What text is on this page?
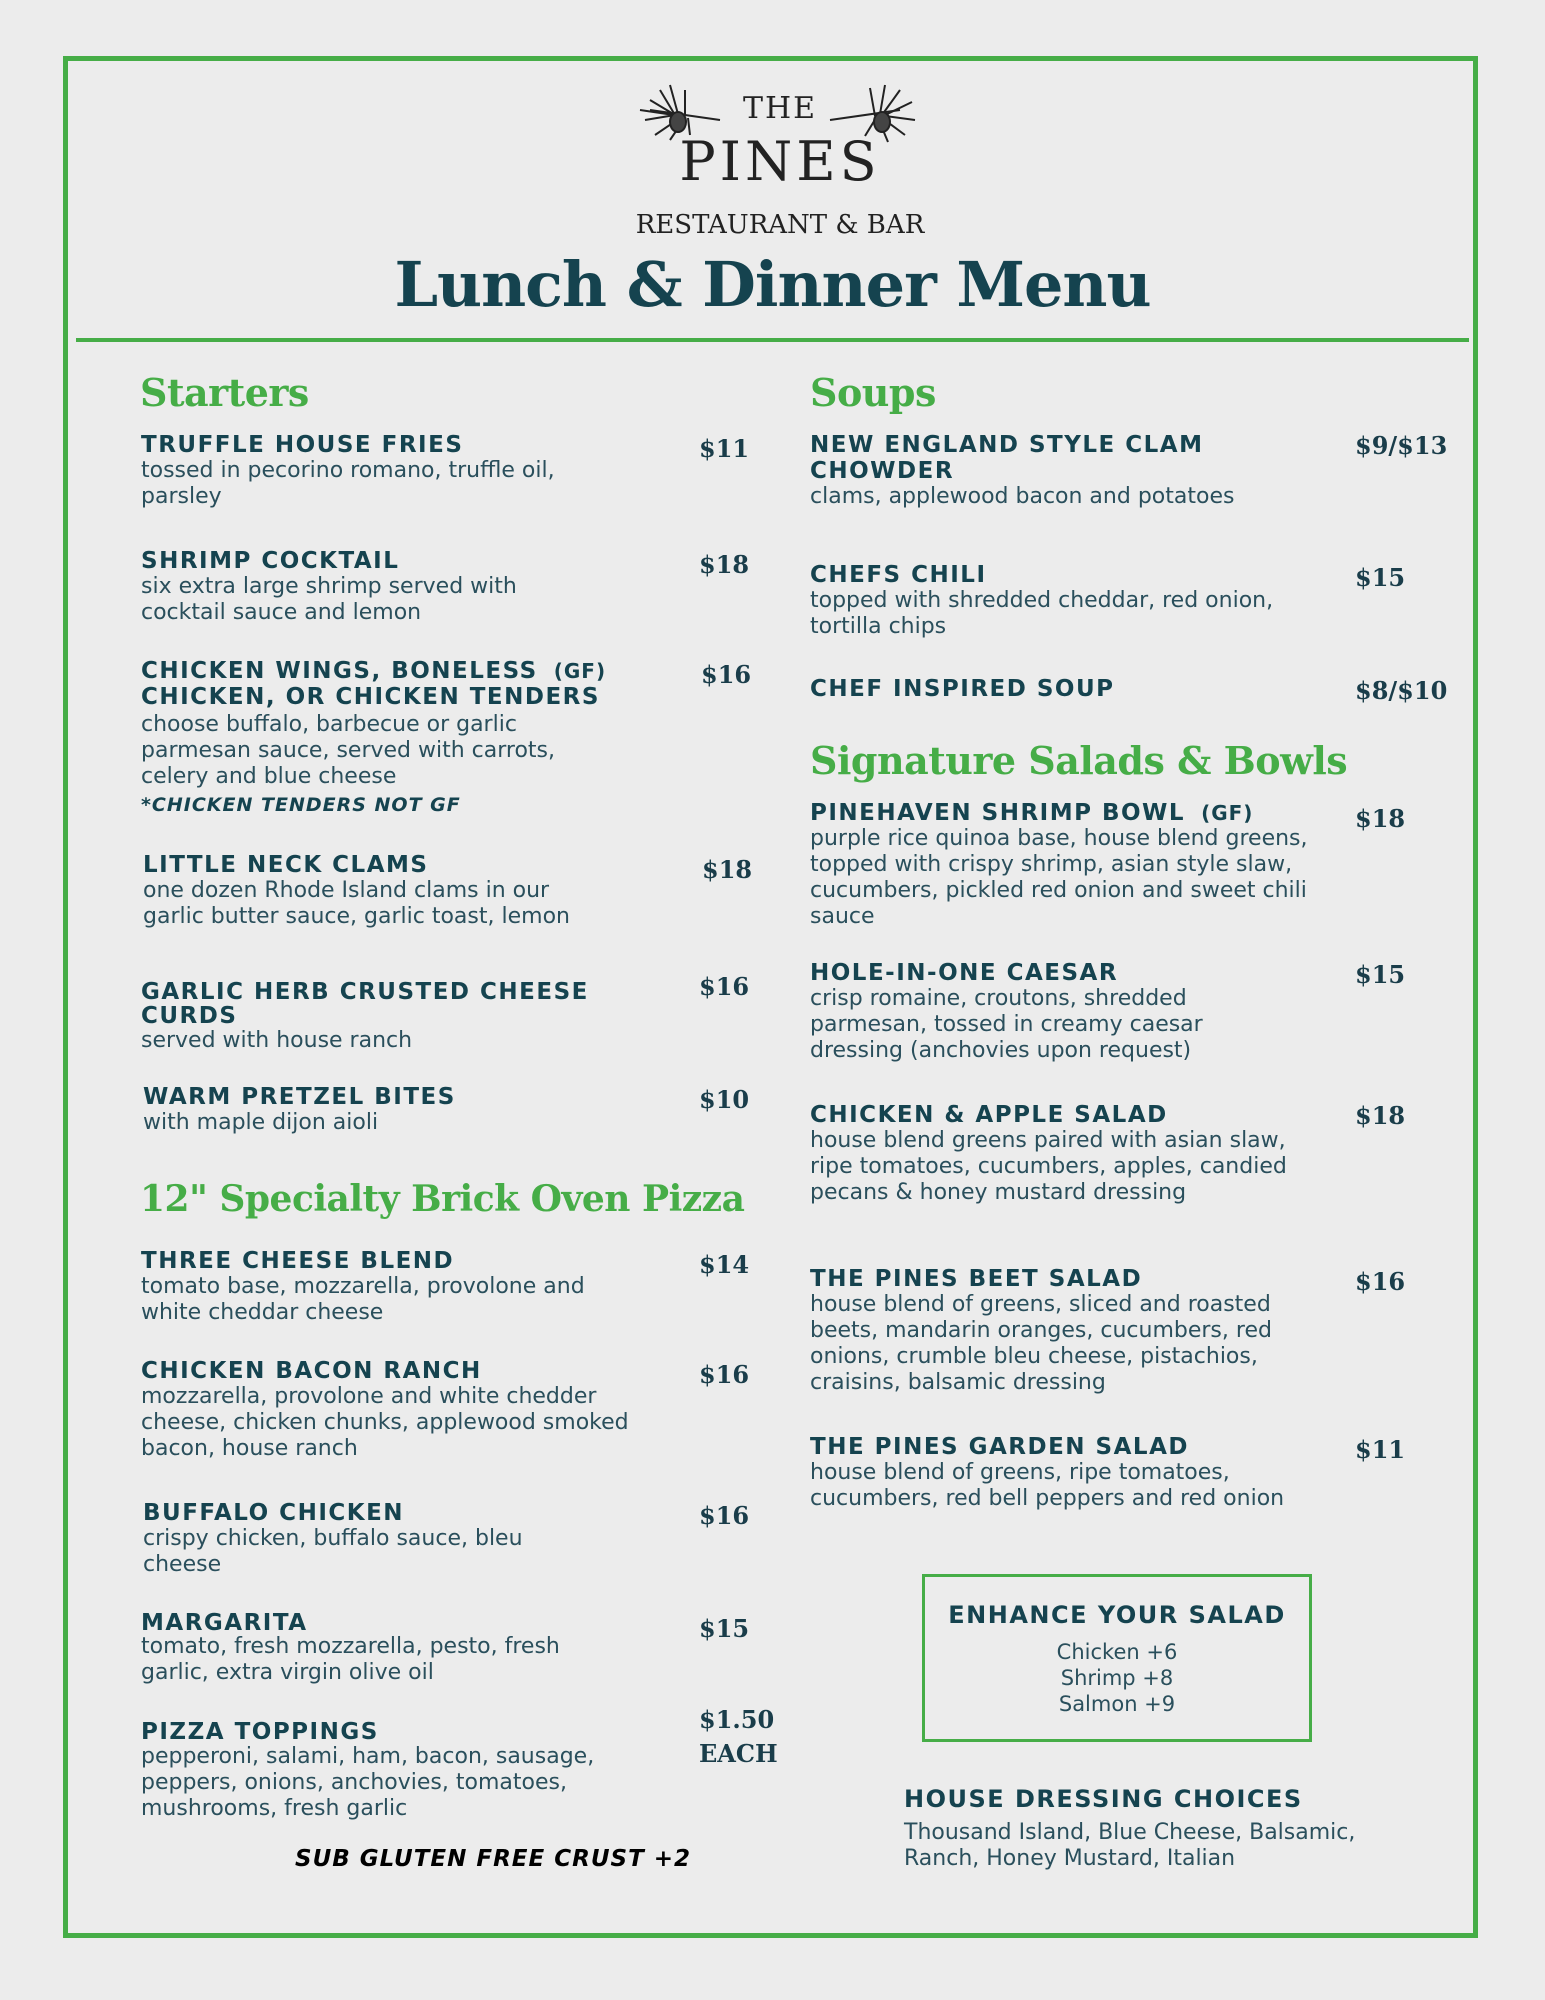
THE
PINES
RESTAURANT & BAR
Lunch & Dinner Menu
Starters
TRUFFLE HOUSE FRIES
tossed in pecorino romano, truffle oil, parsley
$11
SHRIMP COCKTAIL
six extra large shrimp served with cocktail sauce and lemon
$18
CHICKEN WINGS, BONELESS (GF)
CHICKEN, OR CHICKEN TENDERS
choose buffalo, barbecue or garlic parmesan sauce, served with carrots, celery and blue cheese
*CHICKEN TENDERS NOT GF
$16
LITTLE NECK CLAMS
one dozen Rhode Island clams in our garlic butter sauce, garlic toast, lemon
$18
GARLIC HERB CRUSTED CHEESE CURDS
served with house ranch
$16
WARM PRETZEL BITES
with maple dijon aioli
$10
12" Specialty Brick Oven Pizza
THREE CHEESE BLEND
tomato base, mozzarella, provolone and white cheddar cheese
$14
CHICKEN BACON RANCH
mozzarella, provolone and white chedder cheese, chicken chunks, applewood smoked bacon, house ranch
$16
BUFFALO CHICKEN
crispy chicken, buffalo sauce, bleu cheese
$16
MARGARITA
tomato, fresh mozzarella, pesto, fresh garlic, extra virgin olive oil
$15
PIZZA TOPPINGS
pepperoni, salami, ham, bacon, sausage, peppers, onions, anchovies, tomatoes, mushrooms, fresh garlic
$1.50
EACH
SUB GLUTEN FREE CRUST +2
Soups
NEW ENGLAND STYLE CLAM CHOWDER
clams, applewood bacon and potatoes
$9/$13
CHEFS CHILI
topped with shredded cheddar, red onion, tortilla chips
$15
CHEF INSPIRED SOUP	$8/$10
Signature Salads & Bowls
PINEHAVEN SHRIMP BOWL (GF)
purple rice quinoa base, house blend greens, topped with crispy shrimp, asian style slaw, cucumbers, pickled red onion and sweet chili sauce
$18
HOLE-IN-ONE CAESAR
crisp romaine, croutons, shredded parmesan, tossed in creamy caesar dressing (anchovies upon request)
$15
CHICKEN & APPLE SALAD
house blend greens paired with asian slaw, ripe tomatoes, cucumbers, apples, candied pecans & honey mustard dressing
$18
THE PINES BEET SALAD
house blend of greens, sliced and roasted beets, mandarin oranges, cucumbers, red onions, crumble bleu cheese, pistachios, craisins, balsamic dressing
$16
THE PINES GARDEN SALAD
house blend of greens, ripe tomatoes, cucumbers, red bell peppers and red onion
$11
ENHANCE YOUR SALAD
Chicken +6
Shrimp +8
Salmon +9
HOUSE DRESSING CHOICES
Thousand Island, Blue Cheese, Balsamic, Ranch, Honey Mustard, Italian
